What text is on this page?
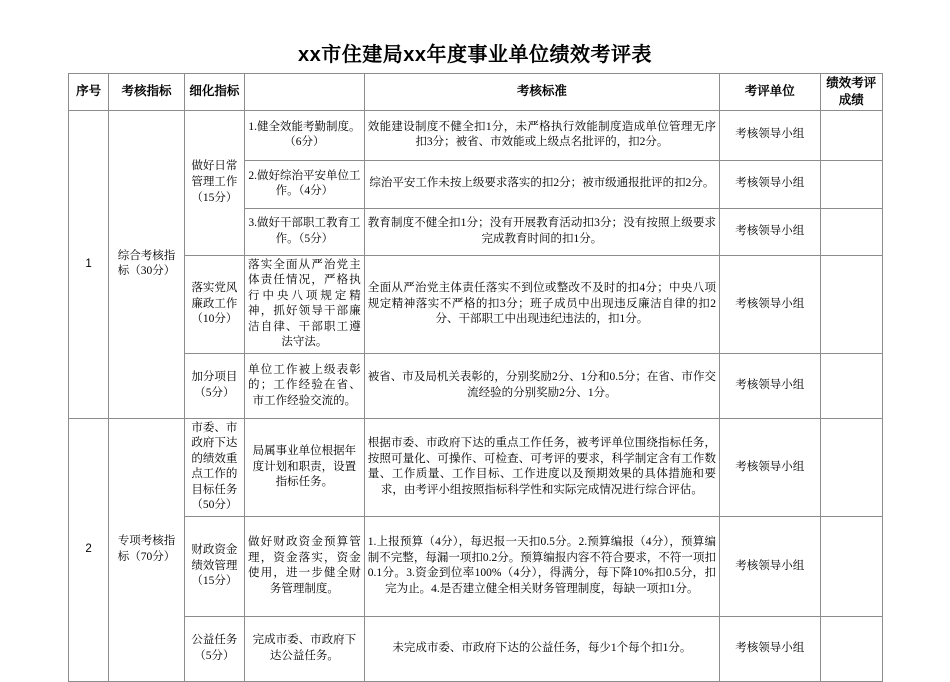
xx市住建局xx年度事业单位绩效考评表
序号	考核指标	细化指标		考核标准	考评单位	绩效考评成绩
1	综合考核指标（30分）	做好日常管理工作（15分）	1.健全效能考勤制度。（6分）	效能建设制度不健全扣1分，未严格执行效能制度造成单位管理无序扣3分；被省、市效能或上级点名批评的，扣2分。	考核领导小组	
			2.做好综治平安单位工作。（4分）	综治平安工作未按上级要求落实的扣2分；被市级通报批评的扣2分。	考核领导小组	
			3.做好干部职工教育工作。（5分）	教育制度不健全扣1分；没有开展教育活动扣3分；没有按照上级要求完成教育时间的扣1分。	考核领导小组	
		落实党风廉政工作（10分）	落实全面从严治党主体责任情况，严格执行中央八项规定精神，抓好领导干部廉洁自律、干部职工遵法守法。	全面从严治党主体责任落实不到位或整改不及时的扣4分；中央八项规定精神落实不严格的扣3分；班子成员中出现违反廉洁自律的扣2分、干部职工中出现违纪违法的，扣1分。	考核领导小组	
		加分项目（5分）	单位工作被上级表彰的；工作经验在省、市工作经验交流的。	被省、市及局机关表彰的，分别奖励2分、1分和0.5分；在省、市作交流经验的分别奖励2分、1分。	考核领导小组	
2	专项考核指标（70分）	市委、市政府下达的绩效重点工作的目标任务（50分）	局属事业单位根据年度计划和职责，设置指标任务。	根据市委、市政府下达的重点工作任务，被考评单位围绕指标任务，按照可量化、可操作、可检查、可考评的要求，科学制定含有工作数量、工作质量、工作目标、工作进度以及预期效果的具体措施和要求，由考评小组按照指标科学性和实际完成情况进行综合评估。	考核领导小组	
		财政资金绩效管理（15分）	做好财政资金预算管理，资金落实，资金使用，进一步健全财务管理制度。	1.上报预算（4分），每迟报一天扣0.5分。2.预算编报（4分），预算编制不完整，每漏一项扣0.2分。预算编报内容不符合要求，不符一项扣0.1分。3.资金到位率100%（4分），得满分，每下降10%扣0.5分，扣完为止。4.是否建立健全相关财务管理制度，每缺一项扣1分。	考核领导小组	
		公益任务（5分）	完成市委、市政府下达公益任务。	未完成市委、市政府下达的公益任务，每少1个每个扣1分。	考核领导小组	
